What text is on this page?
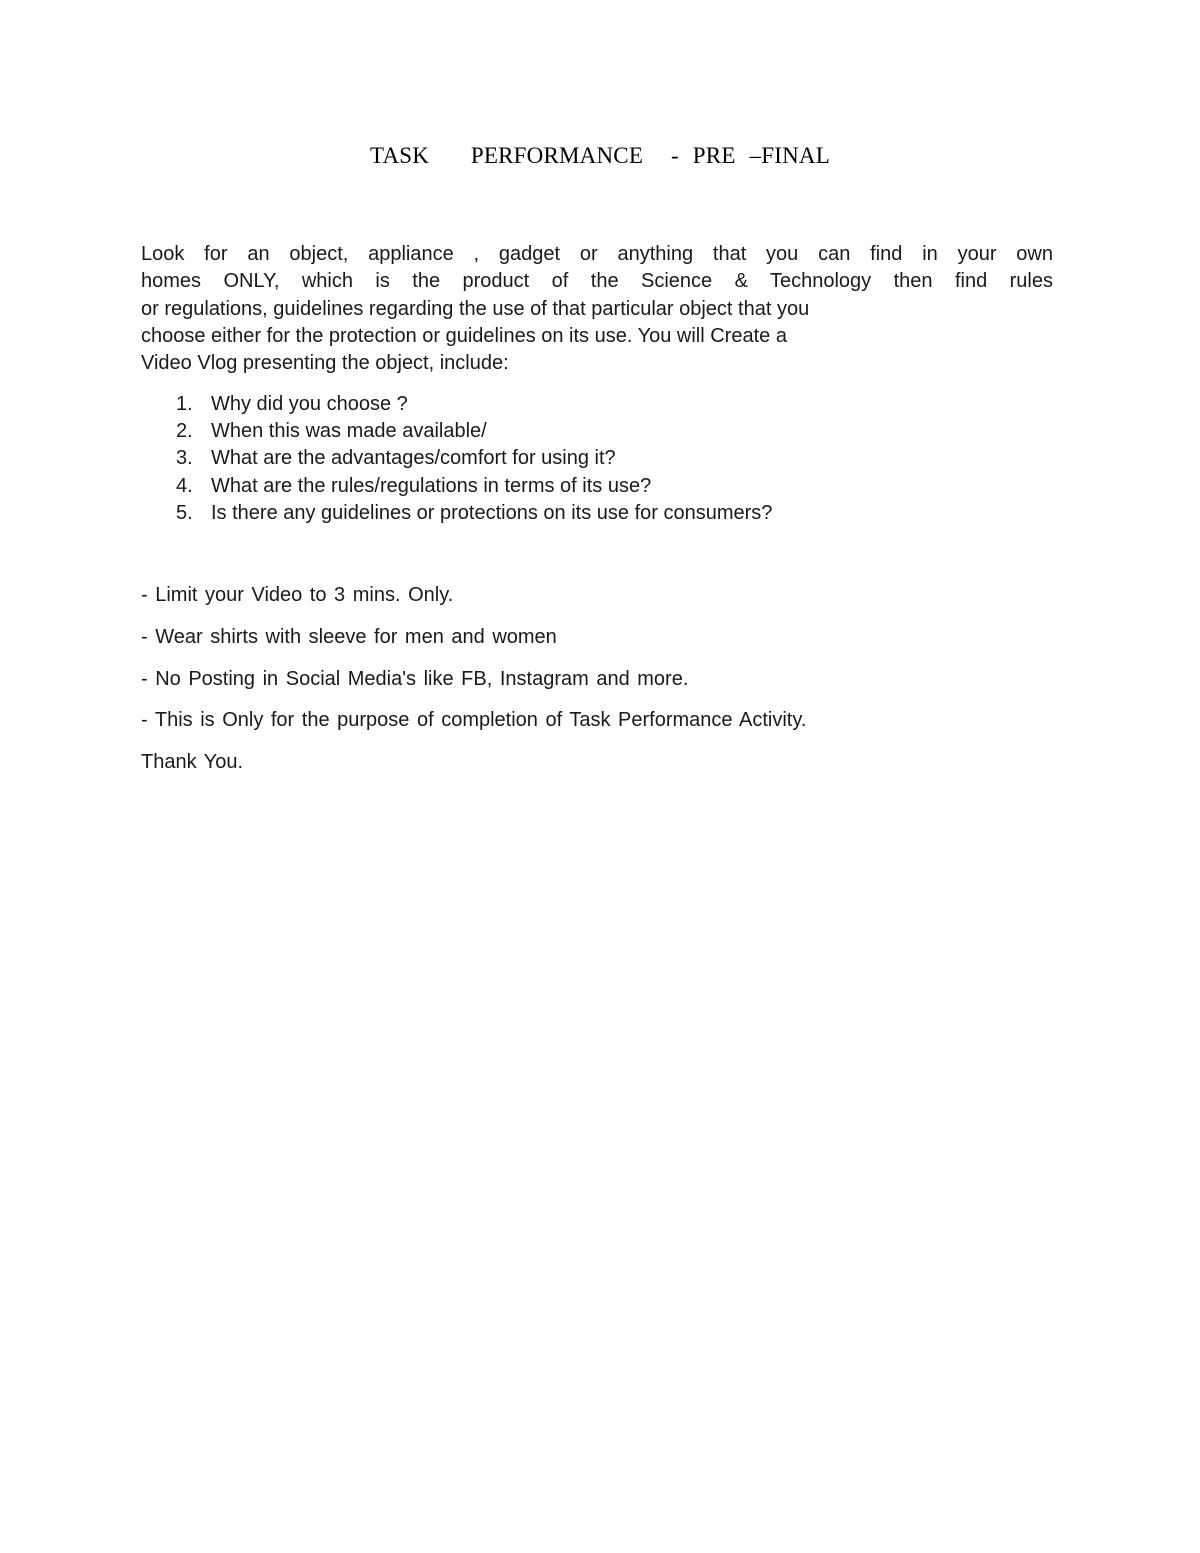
TASK   PERFORMANCE  - PRE –FINAL
Look for an object, appliance , gadget or anything that you can find in your own
homes ONLY, which is the product of the Science & Technology then find rules
or regulations, guidelines regarding the use of that particular object that you
choose either for the protection or guidelines on its use. You will Create a
Video Vlog presenting the object, include:
1. Why did you choose ?
2. When this was made available/
3. What are the advantages/comfort for using it?
4. What are the rules/regulations in terms of its use?
5. Is there any guidelines or protections on its use for consumers?
- Limit your Video to 3 mins. Only.
- Wear shirts with sleeve for men and women
- No Posting in Social Media's like FB, Instagram and more.
- This is Only for the purpose of completion of Task Performance Activity.
Thank You.
